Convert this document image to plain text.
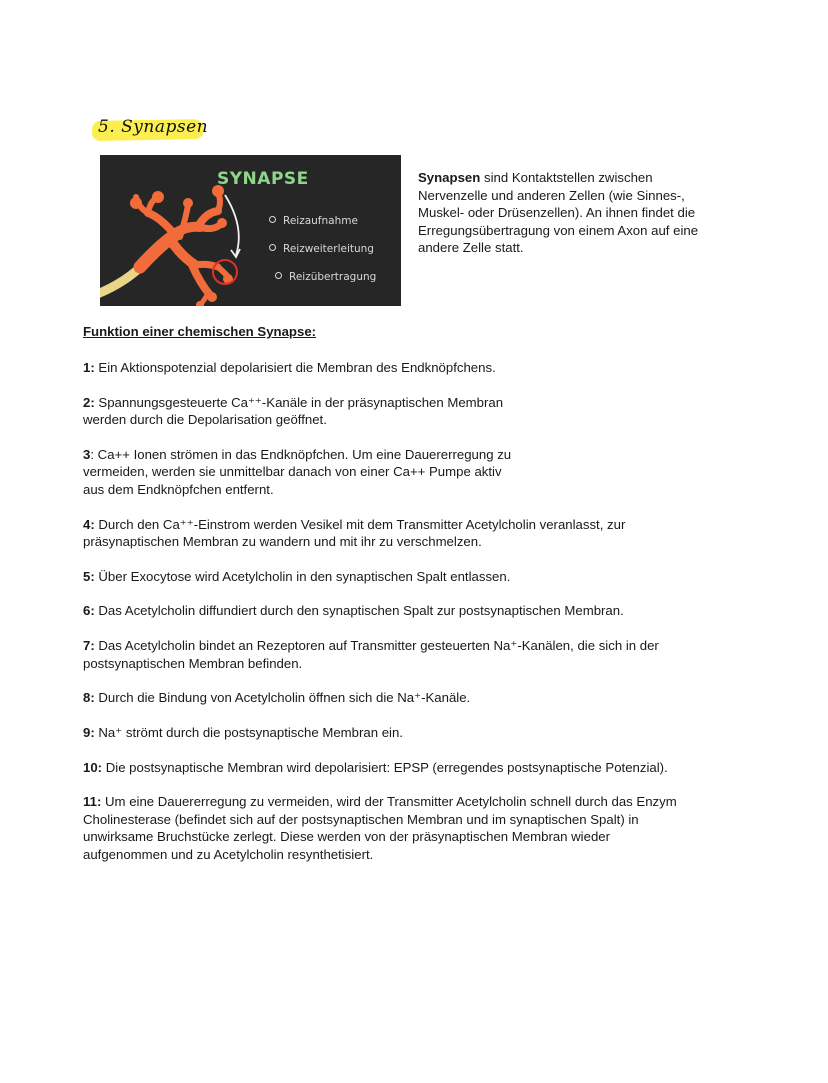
5. Synapsen
SYNAPSE
Reizaufnahme
Reizweiterleitung
Reizübertragung
Synapsen sind Kontaktstellen zwischen
Nervenzelle und anderen Zellen (wie Sinnes-,
Muskel- oder Drüsenzellen). An ihnen findet die
Erregungsübertragung von einem Axon auf eine
andere Zelle statt.
Funktion einer chemischen Synapse:
1: Ein Aktionspotenzial depolarisiert die Membran des Endknöpfchens.
2: Spannungsgesteuerte Ca⁺⁺-Kanäle in der präsynaptischen Membran
werden durch die Depolarisation geöffnet.
3: Ca++ Ionen strömen in das Endknöpfchen. Um eine Dauererregung zu
vermeiden, werden sie unmittelbar danach von einer Ca++ Pumpe aktiv
aus dem Endknöpfchen entfernt.
4: Durch den Ca⁺⁺-Einstrom werden Vesikel mit dem Transmitter Acetylcholin veranlasst, zur
präsynaptischen Membran zu wandern und mit ihr zu verschmelzen.
5: Über Exocytose wird Acetylcholin in den synaptischen Spalt entlassen.
6: Das Acetylcholin diffundiert durch den synaptischen Spalt zur postsynaptischen Membran.
7: Das Acetylcholin bindet an Rezeptoren auf Transmitter gesteuerten Na⁺-Kanälen, die sich in der
postsynaptischen Membran befinden.
8: Durch die Bindung von Acetylcholin öffnen sich die Na⁺-Kanäle.
9: Na⁺ strömt durch die postsynaptische Membran ein.
10: Die postsynaptische Membran wird depolarisiert: EPSP (erregendes postsynaptische Potenzial).
11: Um eine Dauererregung zu vermeiden, wird der Transmitter Acetylcholin schnell durch das Enzym
Cholinesterase (befindet sich auf der postsynaptischen Membran und im synaptischen Spalt) in
unwirksame Bruchstücke zerlegt. Diese werden von der präsynaptischen Membran wieder
aufgenommen und zu Acetylcholin resynthetisiert.
